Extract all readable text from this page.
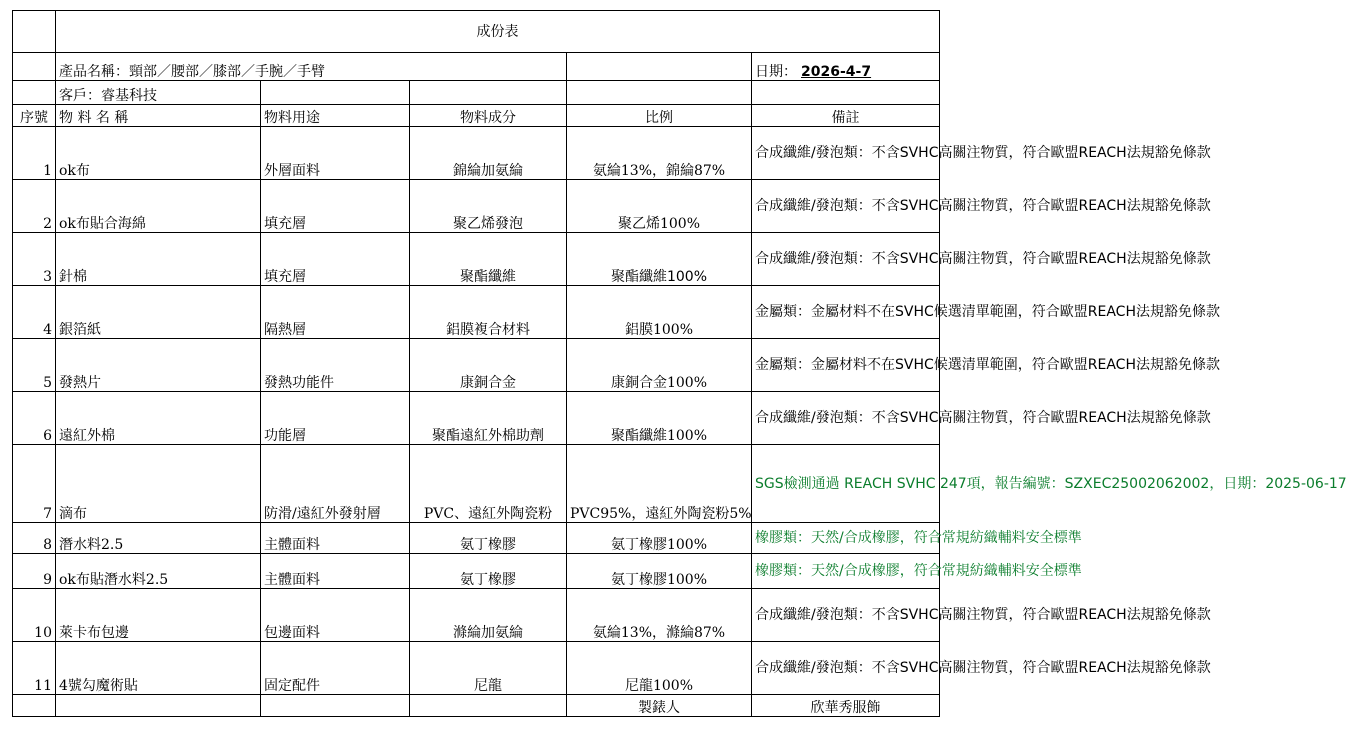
	成份表				
	產品名稱：頸部／腰部／膝部／手腕／手臂				日期： 2026-4-7
	客戶：睿基科技				
序號	物 料 名 稱	物料用途	物料成分	比例	備註
1	ok布	外層面料	錦綸加氨綸	氨綸13%，錦綸87%	合成纖維/發泡類：不含SVHC高關注物質，符合歐盟REACH法規豁免條款
2	ok布貼合海綿	填充層	聚乙烯發泡	聚乙烯100%	合成纖維/發泡類：不含SVHC高關注物質，符合歐盟REACH法規豁免條款
3	針棉	填充層	聚酯纖維	聚酯纖維100%	合成纖維/發泡類：不含SVHC高關注物質，符合歐盟REACH法規豁免條款
4	銀箔紙	隔熱層	鋁膜複合材料	鋁膜100%	金屬類：金屬材料不在SVHC候選清單範圍，符合歐盟REACH法規豁免條款
5	發熱片	發熱功能件	康銅合金	康銅合金100%	金屬類：金屬材料不在SVHC候選清單範圍，符合歐盟REACH法規豁免條款
6	遠紅外棉	功能層	聚酯遠紅外棉助劑	聚酯纖維100%	合成纖維/發泡類：不含SVHC高關注物質，符合歐盟REACH法規豁免條款
7	滴布	防滑/遠紅外發射層	PVC、遠紅外陶瓷粉	PVC95%，遠紅外陶瓷粉5%	SGS檢測通過 REACH SVHC 247項，報告編號：SZXEC25002062002，日期：2025-06-17
8	潛水料2.5	主體面料	氨丁橡膠	氨丁橡膠100%	橡膠類：天然/合成橡膠，符合常規紡織輔料安全標準
9	ok布貼潛水料2.5	主體面料	氨丁橡膠	氨丁橡膠100%	橡膠類：天然/合成橡膠，符合常規紡織輔料安全標準
10	萊卡布包邊	包邊面料	滌綸加氨綸	氨綸13%，滌綸87%	合成纖維/發泡類：不含SVHC高關注物質，符合歐盟REACH法規豁免條款
11	4號勾魔術貼	固定配件	尼龍	尼龍100%	合成纖維/發泡類：不含SVHC高關注物質，符合歐盟REACH法規豁免條款
				製錶人	欣華秀服飾
